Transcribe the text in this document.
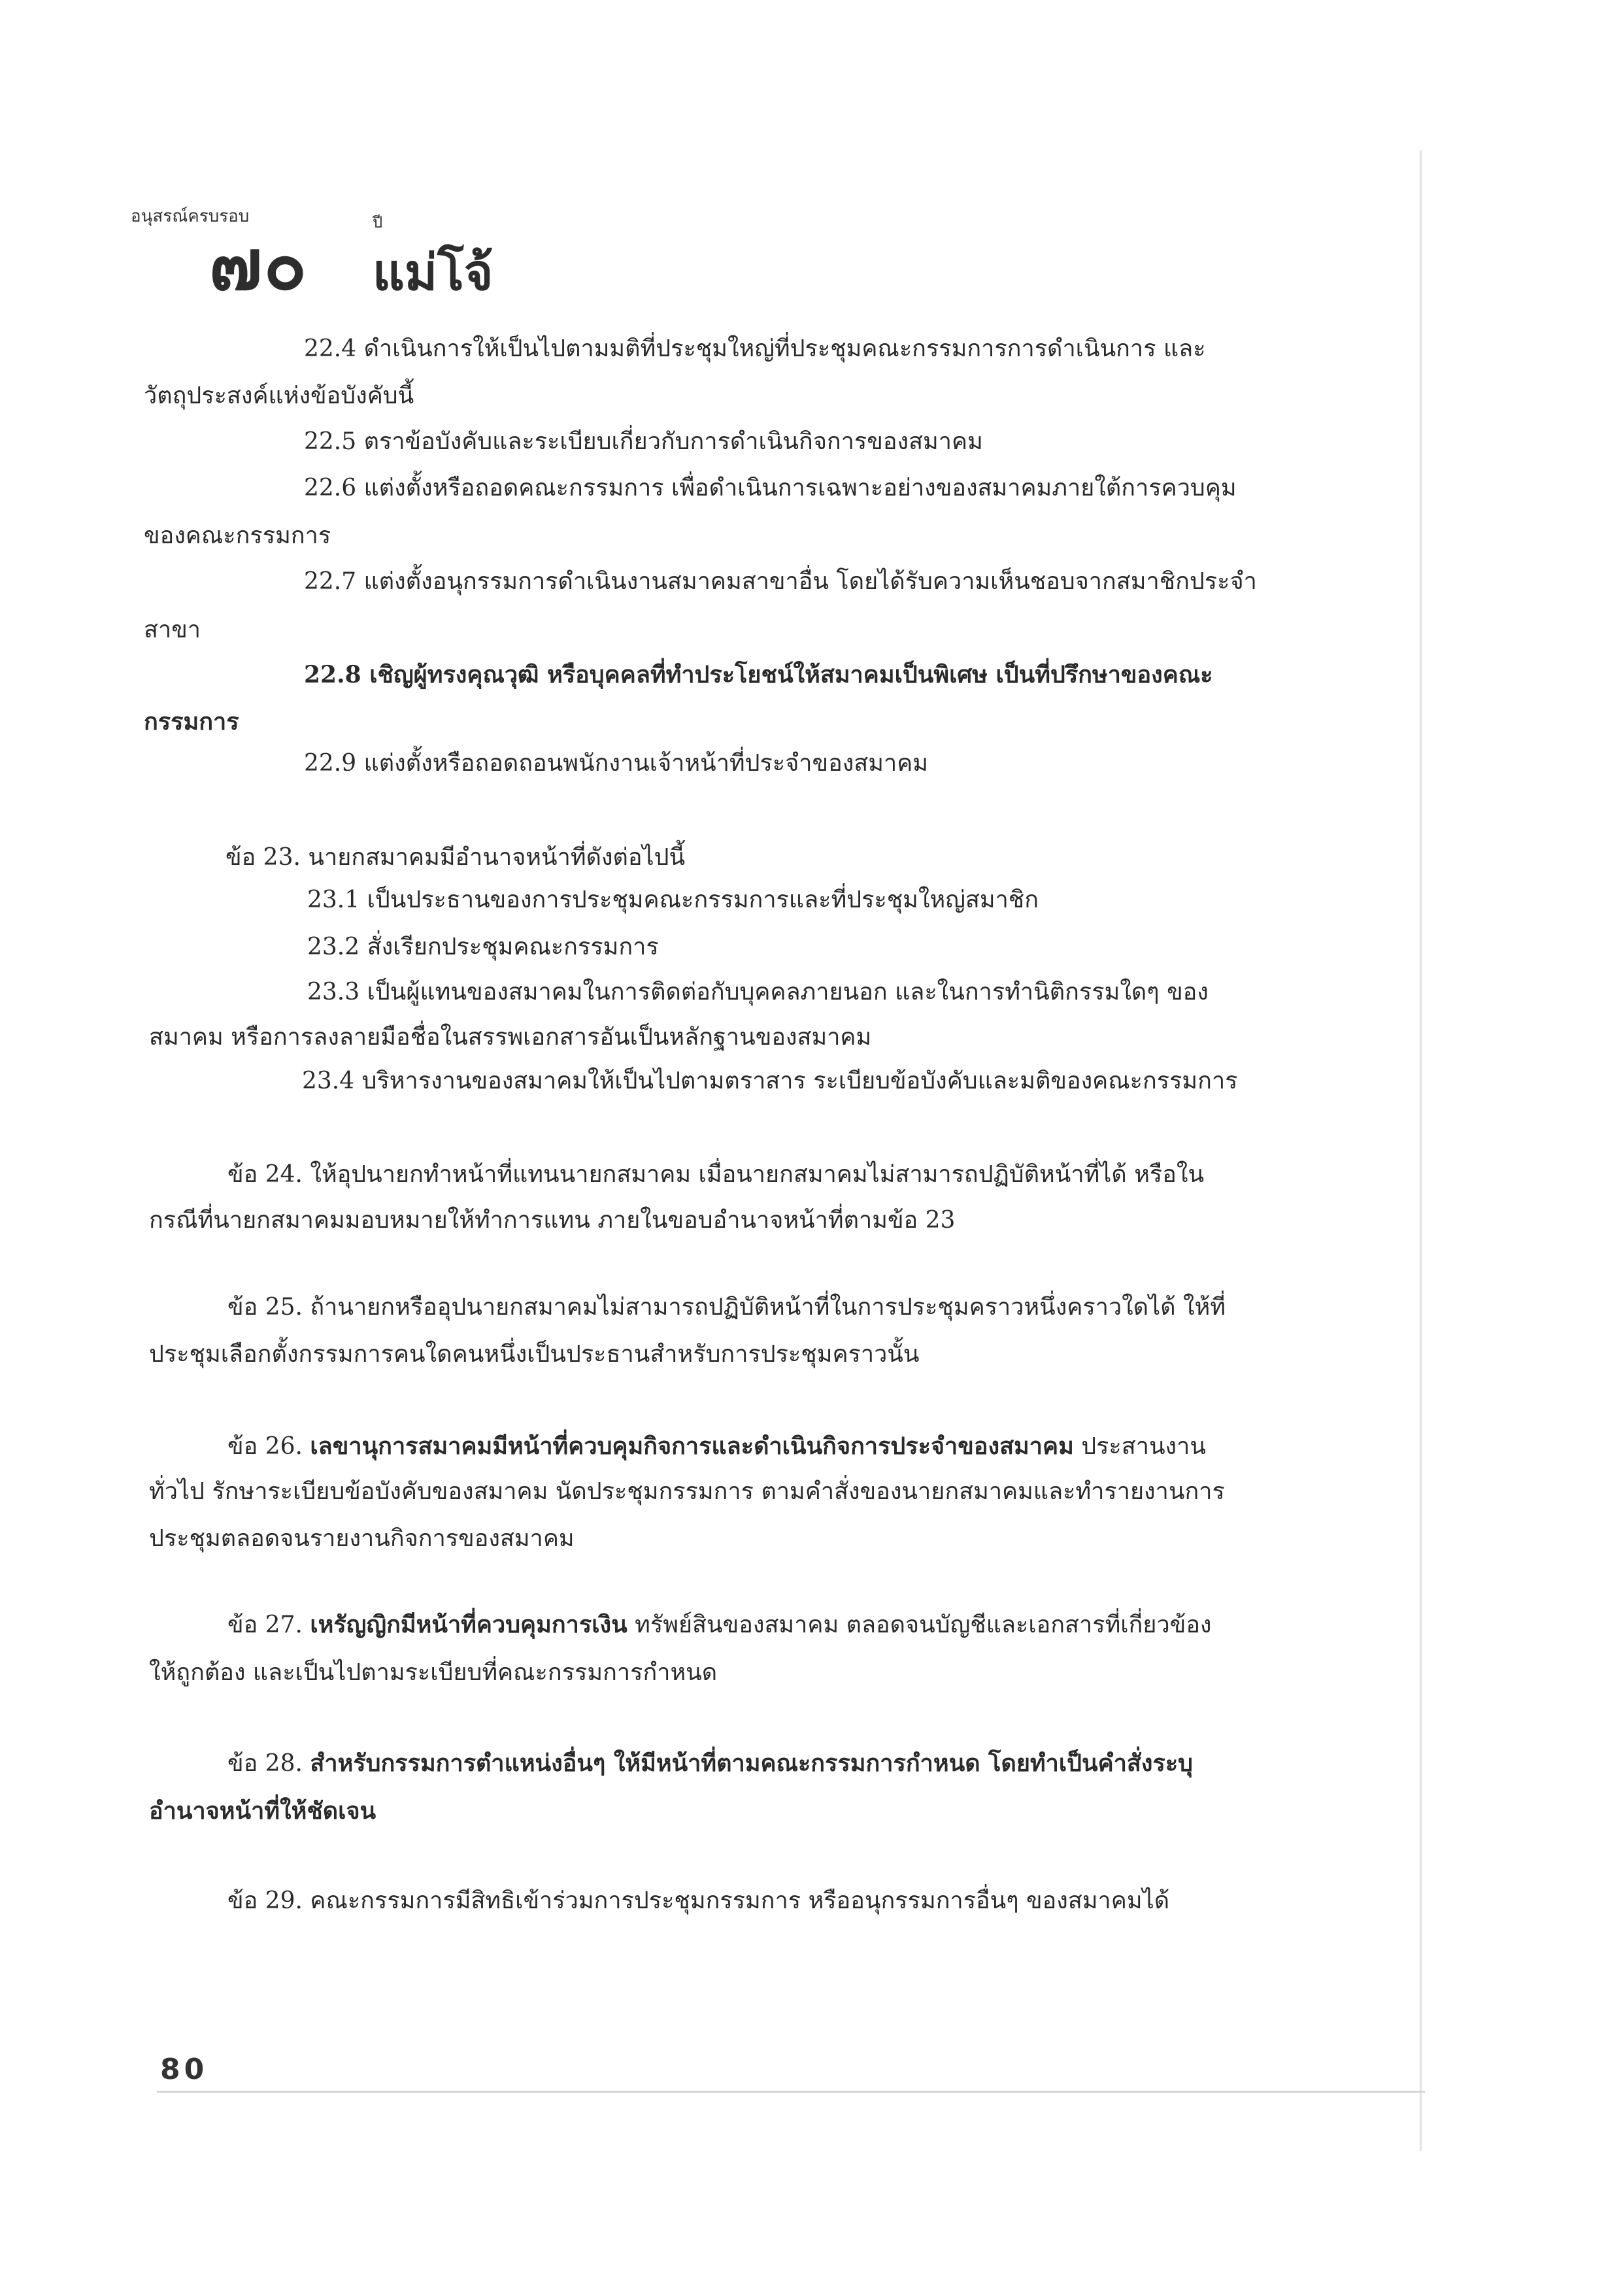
อนุสรณ์ครบรอบ	ปี
๗๐ แม่โจ้

22.4 ดำเนินการให้เป็นไปตามมติที่ประชุมใหญ่ที่ประชุมคณะกรรมการการดำเนินการ และ

วัตถุประสงค์แห่งข้อบังคับนี้

22.5 ตราข้อบังคับและระเบียบเกี่ยวกับการดำเนินกิจการของสมาคม

22.6 แต่งตั้งหรือถอดคณะกรรมการ เพื่อดำเนินการเฉพาะอย่างของสมาคมภายใต้การควบคุม

ของคณะกรรมการ

22.7 แต่งตั้งอนุกรรมการดำเนินงานสมาคมสาขาอื่น โดยได้รับความเห็นชอบจากสมาชิกประจำ

สาขา

22.8 เชิญผู้ทรงคุณวุฒิ หรือบุคคลที่ทำประโยชน์ให้สมาคมเป็นพิเศษ เป็นที่ปรึกษาของคณะ

กรรมการ

22.9 แต่งตั้งหรือถอดถอนพนักงานเจ้าหน้าที่ประจำของสมาคม

ข้อ 23. นายกสมาคมมีอำนาจหน้าที่ดังต่อไปนี้

23.1 เป็นประธานของการประชุมคณะกรรมการและที่ประชุมใหญ่สมาชิก

23.2 สั่งเรียกประชุมคณะกรรมการ

23.3 เป็นผู้แทนของสมาคมในการติดต่อกับบุคคลภายนอก และในการทำนิติกรรมใดๆ ของ

สมาคม หรือการลงลายมือชื่อในสรรพเอกสารอันเป็นหลักฐานของสมาคม

23.4 บริหารงานของสมาคมให้เป็นไปตามตราสาร ระเบียบข้อบังคับและมติของคณะกรรมการ

ข้อ 24. ให้อุปนายกทำหน้าที่แทนนายกสมาคม เมื่อนายกสมาคมไม่สามารถปฏิบัติหน้าที่ได้ หรือใน

กรณีที่นายกสมาคมมอบหมายให้ทำการแทน ภายในขอบอำนาจหน้าที่ตามข้อ 23

ข้อ 25. ถ้านายกหรืออุปนายกสมาคมไม่สามารถปฏิบัติหน้าที่ในการประชุมคราวหนึ่งคราวใดได้ ให้ที่

ประชุมเลือกตั้งกรรมการคนใดคนหนึ่งเป็นประธานสำหรับการประชุมคราวนั้น

ข้อ 26. เลขานุการสมาคมมีหน้าที่ควบคุมกิจการและดำเนินกิจการประจำของสมาคม ประสานงาน

ทั่วไป รักษาระเบียบข้อบังคับของสมาคม นัดประชุมกรรมการ ตามคำสั่งของนายกสมาคมและทำรายงานการ

ประชุมตลอดจนรายงานกิจการของสมาคม

ข้อ 27. เหรัญญิกมีหน้าที่ควบคุมการเงิน ทรัพย์สินของสมาคม ตลอดจนบัญชีและเอกสารที่เกี่ยวข้อง

ให้ถูกต้อง และเป็นไปตามระเบียบที่คณะกรรมการกำหนด

ข้อ 28. สำหรับกรรมการตำแหน่งอื่นๆ ให้มีหน้าที่ตามคณะกรรมการกำหนด โดยทำเป็นคำสั่งระบุ

อำนาจหน้าที่ให้ชัดเจน

ข้อ 29. คณะกรรมการมีสิทธิเข้าร่วมการประชุมกรรมการ หรืออนุกรรมการอื่นๆ ของสมาคมได้

80
